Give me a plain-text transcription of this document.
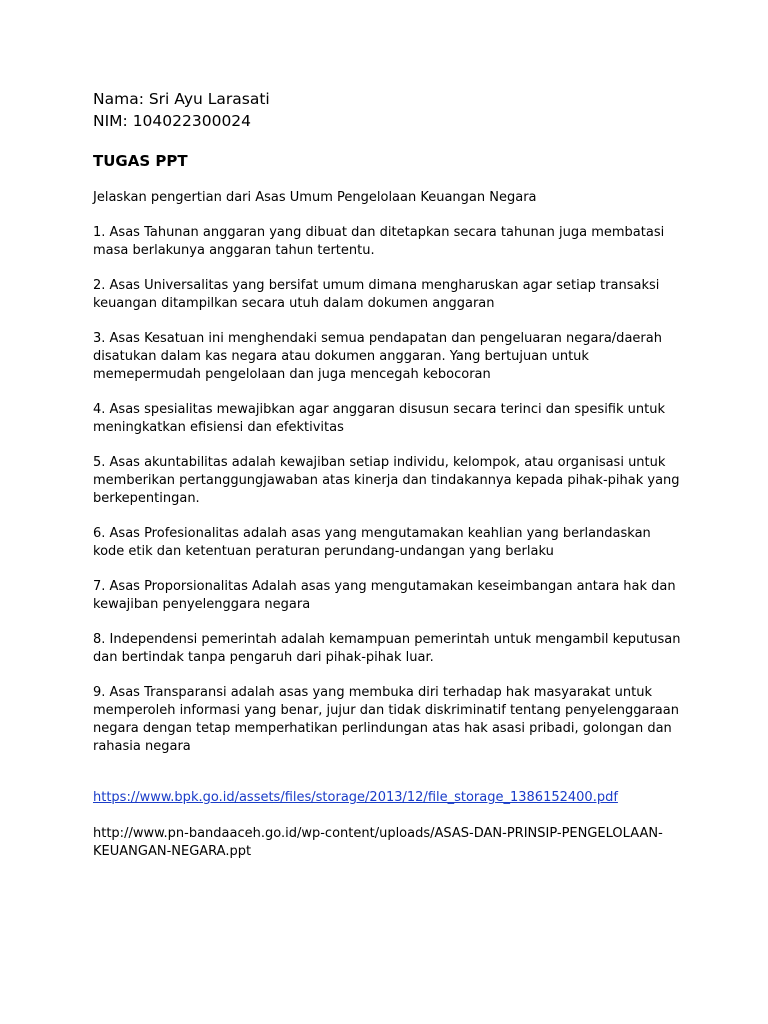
Nama: Sri Ayu Larasati

NIM: 104022300024

TUGAS PPT

Jelaskan pengertian dari Asas Umum Pengelolaan Keuangan Negara

1. Asas Tahunan anggaran yang dibuat dan ditetapkan secara tahunan juga membatasi masa berlakunya anggaran tahun tertentu.

2. Asas Universalitas yang bersifat umum dimana mengharuskan agar setiap transaksi keuangan ditampilkan secara utuh dalam dokumen anggaran

3. Asas Kesatuan ini menghendaki semua pendapatan dan pengeluaran negara/daerah disatukan dalam kas negara atau dokumen anggaran. Yang bertujuan untuk memepermudah pengelolaan dan juga mencegah kebocoran

4. Asas spesialitas mewajibkan agar anggaran disusun secara terinci dan spesifik untuk meningkatkan efisiensi dan efektivitas

5. Asas akuntabilitas adalah kewajiban setiap individu, kelompok, atau organisasi untuk memberikan pertanggungjawaban atas kinerja dan tindakannya kepada pihak-pihak yang berkepentingan.

6. Asas Profesionalitas adalah asas yang mengutamakan keahlian yang berlandaskan kode etik dan ketentuan peraturan perundang-undangan yang berlaku

7. Asas Proporsionalitas Adalah asas yang mengutamakan keseimbangan antara hak dan kewajiban penyelenggara negara

8. Independensi pemerintah adalah kemampuan pemerintah untuk mengambil keputusan dan bertindak tanpa pengaruh dari pihak-pihak luar.

9. Asas Transparansi adalah asas yang membuka diri terhadap hak masyarakat untuk memperoleh informasi yang benar, jujur dan tidak diskriminatif tentang penyelenggaraan negara dengan tetap memperhatikan perlindungan atas hak asasi pribadi, golongan dan rahasia negara

https://www.bpk.go.id/assets/files/storage/2013/12/file_storage_1386152400.pdf

http://www.pn-bandaaceh.go.id/wp-content/uploads/ASAS-DAN-PRINSIP-PENGELOLAAN-KEUANGAN-NEGARA.ppt
